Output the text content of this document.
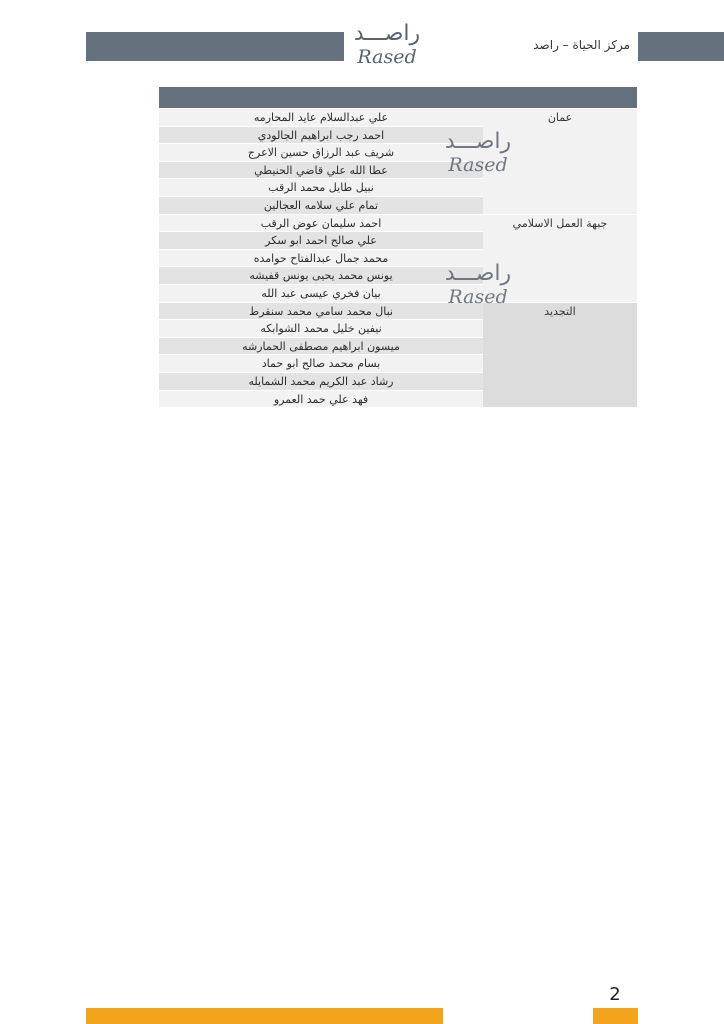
راصـــد
Rased
مركز الحياة – راصد
عمان
علي عبدالسلام عايد المحارمه
احمد رجب ابراهيم الجالودي
شريف عبد الرزاق حسين الاعرج
عطا الله علي قاضي الحنيطي
نبيل طايل محمد الرقب
تمام علي سلامه العجالين
جبهة العمل الاسلامي
احمد سليمان عوض الرقب
علي صالح احمد ابو سكر
محمد جمال عبدالفتاح حوامده
يونس محمد يحيى يونس قفيشه
بيان فخري عيسى عبد الله
التجديد
نبال محمد سامي محمد سنقرط
نيفين خليل محمد الشوابكه
ميسون ابراهيم مصطفى الحمارشه
بسام محمد صالح ابو حماد
رشاد عبد الكريم محمد الشمايله
فهد علي حمد العمرو
راصـــد
Rased
راصـــد
Rased
2
